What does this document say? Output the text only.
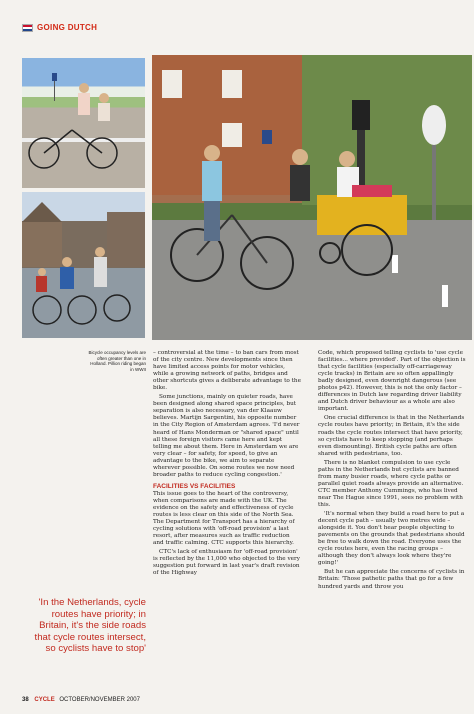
GOING DUTCH
Bicycle occupancy levels are often greater than one in Holland. Pillion riding began in WWII
'In the Netherlands, cycle routes have priority; in Britain, it's the side roads that cycle routes intersect, so cyclists have to stop'

– controversial at the time – to ban cars from most of the city centre. New developments since then have limited access points for motor vehicles, while a growing network of paths, bridges and other shortcuts gives a deliberate advantage to the bike.

Some junctions, mainly on quieter roads, have been designed along shared space principles, but separation is also necessary, van der Klaauw believes. Martijn Sargentini, his opposite number in the City Region of Amsterdam agrees. 'I'd never heard of Hans Monderman or "shared space" until all these foreign visitors came here and kept telling me about them. Here in Amsterdam we are very clear – for safety, for speed, to give an advantage to the bike, we aim to separate wherever possible. On some routes we now need broader paths to reduce cycling congestion.'

FACILITIES VS FACILITIES

This issue goes to the heart of the controversy, when comparisons are made with the UK. The evidence on the safety and effectiveness of cycle routes is less clear on this side of the North Sea. The Department for Transport has a hierarchy of cycling solutions with 'off-road provision' a last resort, after measures such as traffic reduction and traffic calming. CTC supports this hierarchy.

CTC's lack of enthusiasm for 'off-road provision' is reflected by the 11,000 who objected to the very suggestion put forward in last year's draft revision of the Highway

Code, which proposed telling cyclists to 'use cycle facilities... where provided'. Part of the objection is that cycle facilities (especially off-carriageway cycle tracks) in Britain are so often appallingly badly designed, even downright dangerous (see photos p42). However, this is not the only factor – differences in Dutch law regarding driver liability and Dutch driver behaviour as a whole are also important.

One crucial difference is that in the Netherlands cycle routes have priority; in Britain, it's the side roads the cycle routes intersect that have priority, so cyclists have to keep stopping (and perhaps even dismounting). British cycle paths are often shared with pedestrians, too.

There is no blanket compulsion to use cycle paths in the Netherlands but cyclists are banned from many busier roads, where cycle paths or parallel quiet roads always provide an alternative. CTC member Anthony Cummings, who has lived near The Hague since 1991, sees no problem with this.

'It's normal when they build a road here to put a decent cycle path – usually two metres wide – alongside it. You don't hear people objecting to pavements on the grounds that pedestrians should be free to walk down the road. Everyone uses the cycle routes here, even the racing groups – although they don't always look where they're going!'

But he can appreciate the concerns of cyclists in Britain: 'Those pathetic paths that go for a few hundred yards and throw you

38 CYCLE OCTOBER/NOVEMBER 2007
